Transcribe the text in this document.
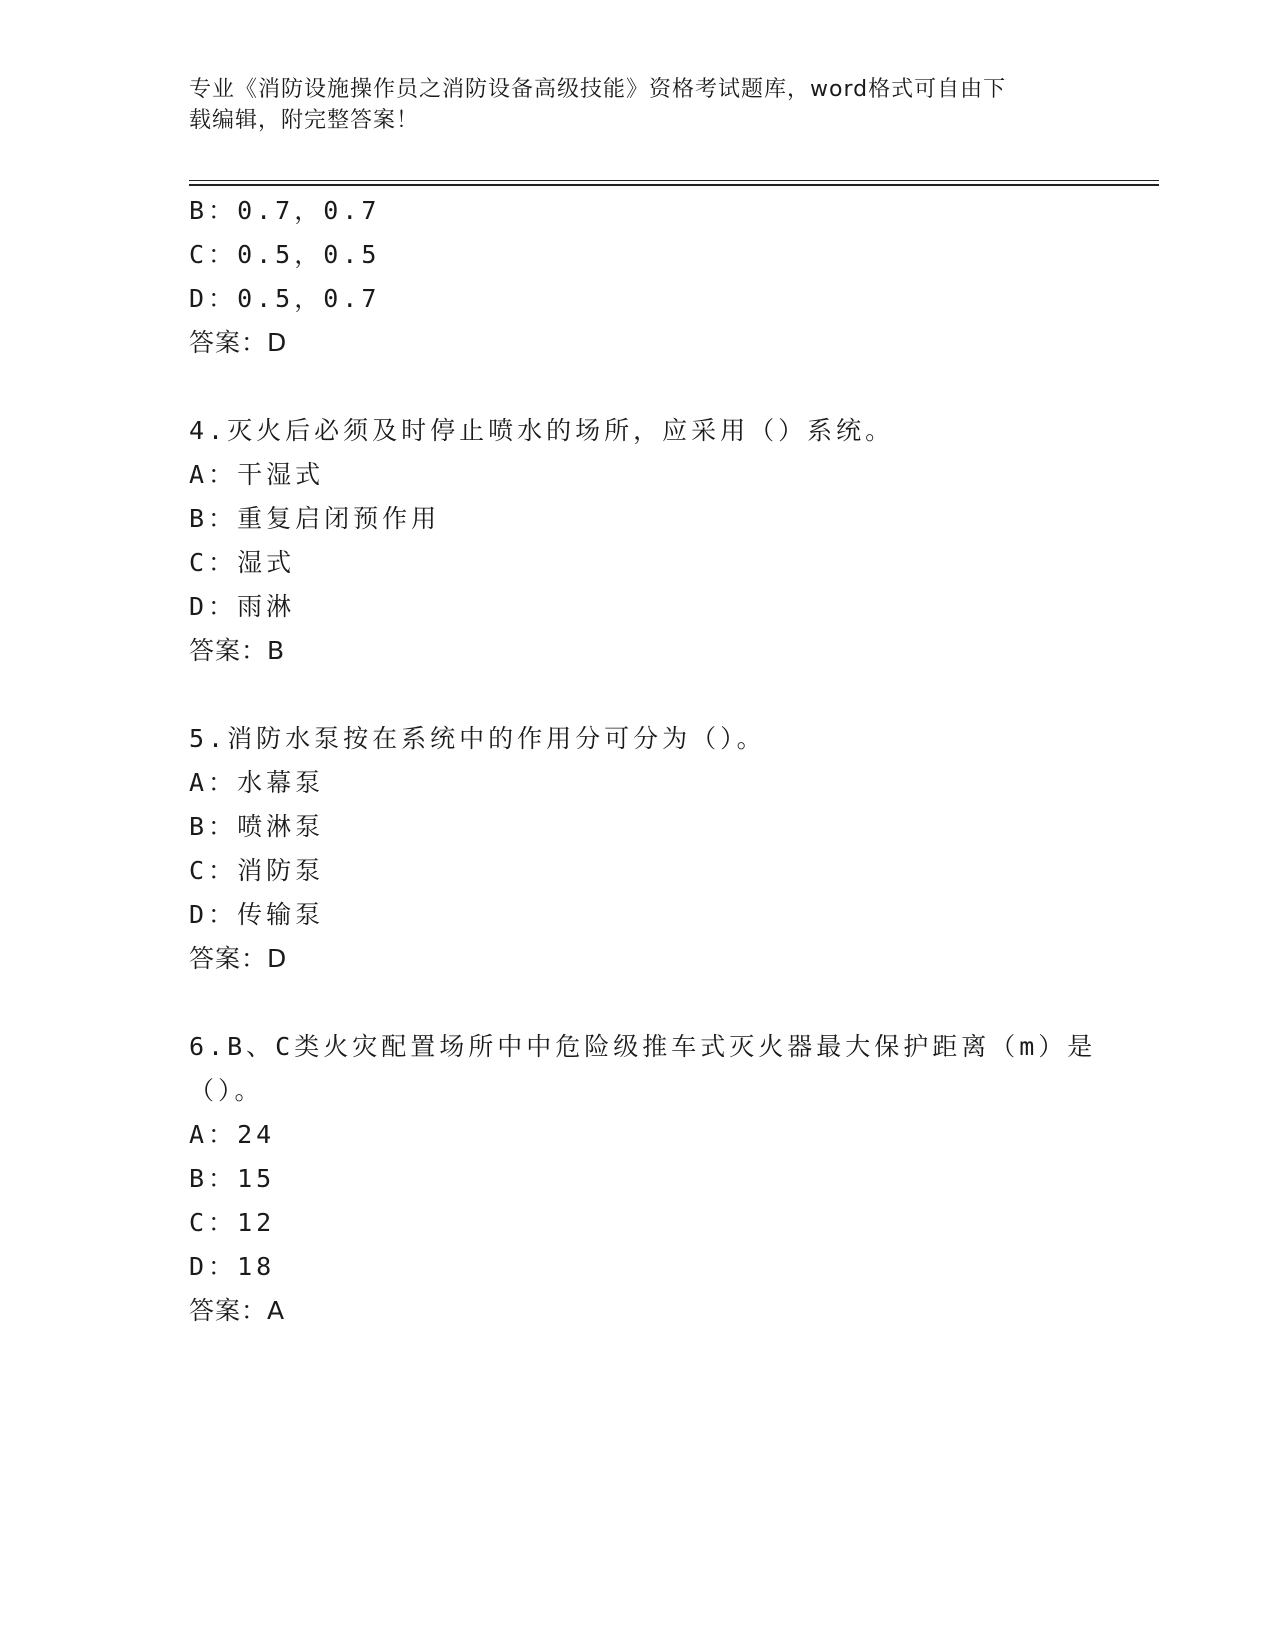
专业《消防设施操作员之消防设备高级技能》资格考试题库，word格式可自由下
载编辑，附完整答案！
B：0.7，0.7
C：0.5，0.5
D：0.5，0.7
答案：D
4.灭火后必须及时停止喷水的场所，应采用（）系统。
A：干湿式
B：重复启闭预作用
C：湿式
D：雨淋
答案：B
5.消防水泵按在系统中的作用分可分为（）。
A：水幕泵
B：喷淋泵
C：消防泵
D：传输泵
答案：D
6.B、C类火灾配置场所中中危险级推车式灭火器最大保护距离（m）是
（）。
A：24
B：15
C：12
D：18
答案：A
